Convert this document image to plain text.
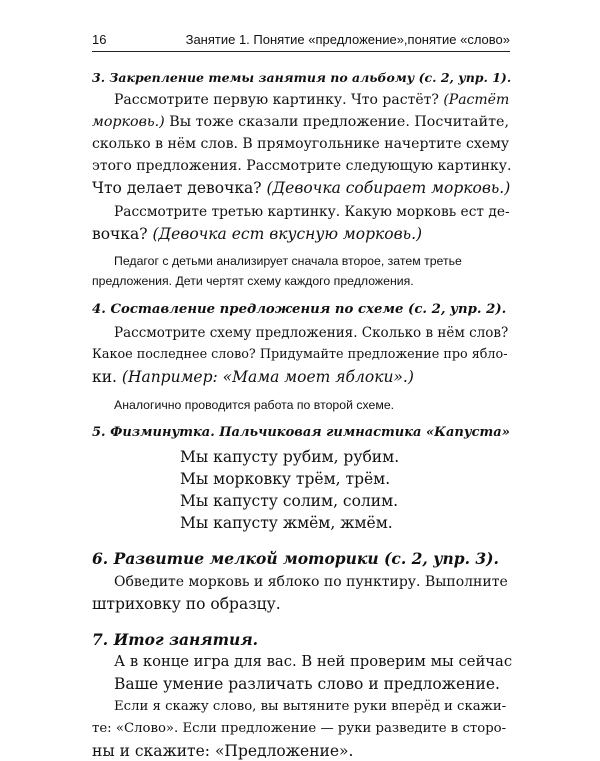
16	Занятие 1. Понятие «предложение»,понятие «слово»
3. Закрепление темы занятия по альбому (с. 2, упр. 1).
Рассмотрите первую картинку. Что растёт? (Растёт
морковь.) Вы тоже сказали предложение. Посчитайте,
сколько в нём слов. В прямоугольнике начертите схему
этого предложения. Рассмотрите следующую картинку.
Что делает девочка? (Девочка собирает морковь.)
Рассмотрите третью картинку. Какую морковь ест де-
вочка? (Девочка ест вкусную морковь.)
Педагог с детьми анализирует сначала второе, затем третье
предложения. Дети чертят схему каждого предложения.
4. Составление предложения по схеме (с. 2, упр. 2).
Рассмотрите схему предложения. Сколько в нём слов?
Какое последнее слово? Придумайте предложение про ябло-
ки. (Например: «Мама моет яблоки».)
Аналогично проводится работа по второй схеме.
5. Физминутка. Пальчиковая гимнастика «Капуста»
Мы капусту рубим, рубим.
Мы морковку трём, трём.
Мы капусту солим, солим.
Мы капусту жмём, жмём.
6. Развитие мелкой моторики (с. 2, упр. 3).
Обведите морковь и яблоко по пунктиру. Выполните
штриховку по образцу.
7. Итог занятия.
А в конце игра для вас. В ней проверим мы сейчас
Ваше умение различать слово и предложение.
Если я скажу слово, вы вытяните руки вперёд и скажи-
те: «Слово». Если предложение — руки разведите в сторо-
ны и скажите: «Предложение».
